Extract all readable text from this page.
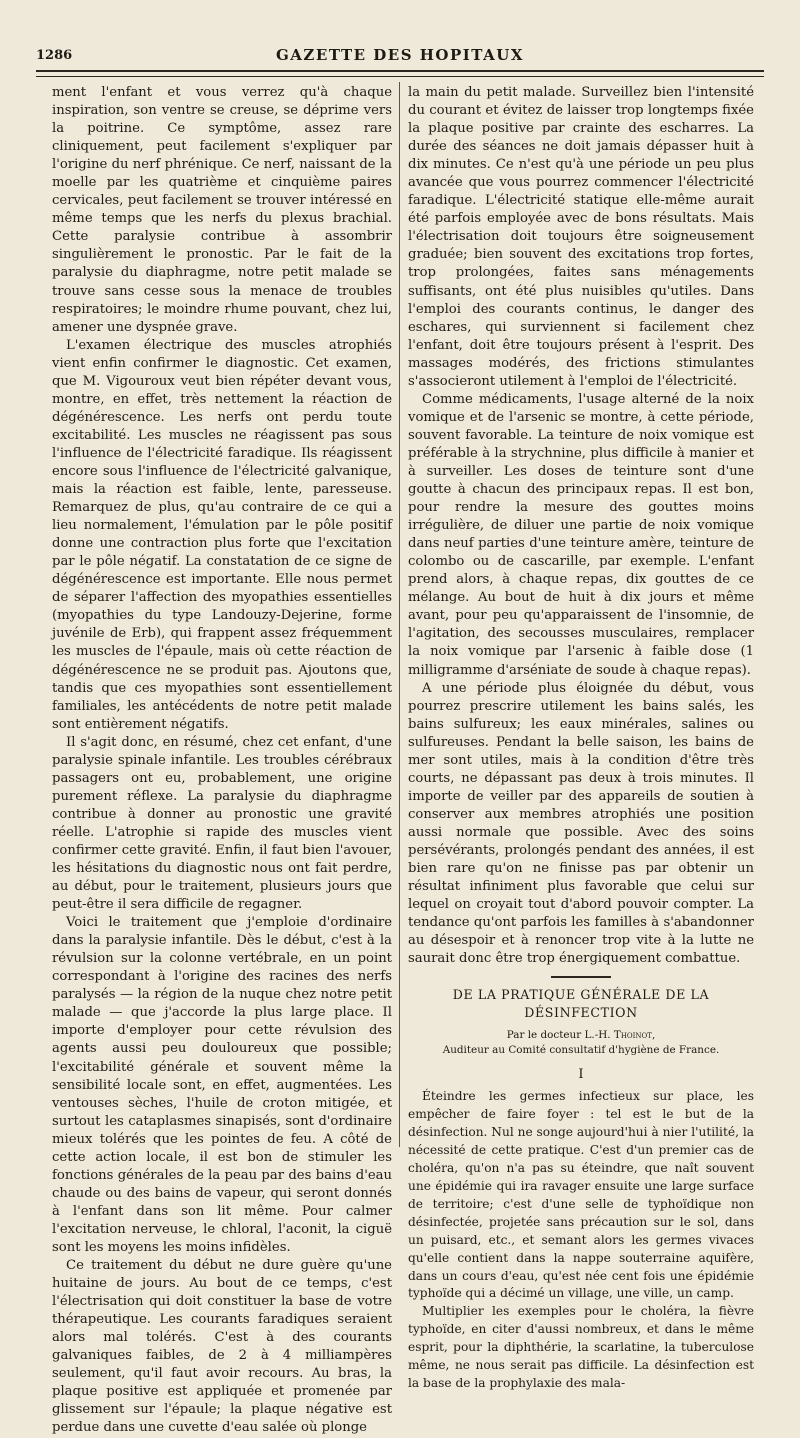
1286	GAZETTE DES HOPITAUX

ment l'enfant et vous verrez qu'à chaque inspiration, son ventre se creuse, se déprime vers la poitrine. Ce symptôme, assez rare cliniquement, peut facilement s'expliquer par l'origine du nerf phrénique. Ce nerf, naissant de la moelle par les quatrième et cinquième paires cervicales, peut facilement se trouver intéressé en même temps que les nerfs du plexus brachial. Cette paralysie contribue à assombrir singulièrement le pronostic. Par le fait de la paralysie du diaphragme, notre petit malade se trouve sans cesse sous la menace de troubles respiratoires; le moindre rhume pouvant, chez lui, amener une dyspnée grave.

L'examen électrique des muscles atrophiés vient enfin confirmer le diagnostic. Cet examen, que M. Vigouroux veut bien répéter devant vous, montre, en effet, très nettement la réaction de dégénérescence. Les nerfs ont perdu toute excitabilité. Les muscles ne réagissent pas sous l'influence de l'électricité faradique. Ils réagissent encore sous l'influence de l'électricité galvanique, mais la réaction est faible, lente, paresseuse. Remarquez de plus, qu'au contraire de ce qui a lieu normalement, l'émulation par le pôle positif donne une contraction plus forte que l'excitation par le pôle négatif. La constatation de ce signe de dégénérescence est importante. Elle nous permet de séparer l'affection des myopathies essentielles (myopathies du type Landouzy-Dejerine, forme juvénile de Erb), qui frappent assez fréquemment les muscles de l'épaule, mais où cette réaction de dégénérescence ne se produit pas. Ajoutons que, tandis que ces myopathies sont essentiellement familiales, les antécédents de notre petit malade sont entièrement négatifs.

Il s'agit donc, en résumé, chez cet enfant, d'une paralysie spinale infantile. Les troubles cérébraux passagers ont eu, probablement, une origine purement réflexe. La paralysie du diaphragme contribue à donner au pronostic une gravité réelle. L'atrophie si rapide des muscles vient confirmer cette gravité. Enfin, il faut bien l'avouer, les hésitations du diagnostic nous ont fait perdre, au début, pour le traitement, plusieurs jours que peut-être il sera difficile de regagner.

Voici le traitement que j'emploie d'ordinaire dans la paralysie infantile. Dès le début, c'est à la révulsion sur la colonne vertébrale, en un point correspondant à l'origine des racines des nerfs paralysés — la région de la nuque chez notre petit malade — que j'accorde la plus large place. Il importe d'employer pour cette révulsion des agents aussi peu douloureux que possible; l'excitabilité générale et souvent même la sensibilité locale sont, en effet, augmentées. Les ventouses sèches, l'huile de croton mitigée, et surtout les cataplasmes sinapisés, sont d'ordinaire mieux tolérés que les pointes de feu. A côté de cette action locale, il est bon de stimuler les fonctions générales de la peau par des bains d'eau chaude ou des bains de vapeur, qui seront donnés à l'enfant dans son lit même. Pour calmer l'excitation nerveuse, le chloral, l'aconit, la ciguë sont les moyens les moins infidèles.

Ce traitement du début ne dure guère qu'une huitaine de jours. Au bout de ce temps, c'est l'électrisation qui doit constituer la base de votre thérapeutique. Les courants faradiques seraient alors mal tolérés. C'est à des courants galvaniques faibles, de 2 à 4 milliampères seulement, qu'il faut avoir recours. Au bras, la plaque positive est appliquée et promenée par glissement sur l'épaule; la plaque négative est perdue dans une cuvette d'eau salée où plonge

la main du petit malade. Surveillez bien l'intensité du courant et évitez de laisser trop longtemps fixée la plaque positive par crainte des escharres. La durée des séances ne doit jamais dépasser huit à dix minutes. Ce n'est qu'à une période un peu plus avancée que vous pourrez commencer l'électricité faradique. L'électricité statique elle-même aurait été parfois employée avec de bons résultats. Mais l'électrisation doit toujours être soigneusement graduée; bien souvent des excitations trop fortes, trop prolongées, faites sans ménagements suffisants, ont été plus nuisibles qu'utiles. Dans l'emploi des courants continus, le danger des eschares, qui surviennent si facilement chez l'enfant, doit être toujours présent à l'esprit. Des massages modérés, des frictions stimulantes s'associeront utilement à l'emploi de l'électricité.

Comme médicaments, l'usage alterné de la noix vomique et de l'arsenic se montre, à cette période, souvent favorable. La teinture de noix vomique est préférable à la strychnine, plus difficile à manier et à surveiller. Les doses de teinture sont d'une goutte à chacun des principaux repas. Il est bon, pour rendre la mesure des gouttes moins irrégulière, de diluer une partie de noix vomique dans neuf parties d'une teinture amère, teinture de colombo ou de cascarille, par exemple. L'enfant prend alors, à chaque repas, dix gouttes de ce mélange. Au bout de huit à dix jours et même avant, pour peu qu'apparaissent de l'insomnie, de l'agitation, des secousses musculaires, remplacer la noix vomique par l'arsenic à faible dose (1 milligramme d'arséniate de soude à chaque repas).

A une période plus éloignée du début, vous pourrez prescrire utilement les bains salés, les bains sulfureux; les eaux minérales, salines ou sulfureuses. Pendant la belle saison, les bains de mer sont utiles, mais à la condition d'être très courts, ne dépassant pas deux à trois minutes. Il importe de veiller par des appareils de soutien à conserver aux membres atrophiés une position aussi normale que possible. Avec des soins persévérants, prolongés pendant des années, il est bien rare qu'on ne finisse pas par obtenir un résultat infiniment plus favorable que celui sur lequel on croyait tout d'abord pouvoir compter. La tendance qu'ont parfois les familles à s'abandonner au désespoir et à renoncer trop vite à la lutte ne saurait donc être trop énergiquement combattue.

DE LA PRATIQUE GÉNÉRALE DE LA DÉSINFECTION
Par le docteur L.-H. Thoinot,
Auditeur au Comité consultatif d'hygiène de France.
I

Éteindre les germes infectieux sur place, les empêcher de faire foyer : tel est le but de la désinfection. Nul ne songe aujourd'hui à nier l'utilité, la nécessité de cette pratique. C'est d'un premier cas de choléra, qu'on n'a pas su éteindre, que naît souvent une épidémie qui ira ravager ensuite une large surface de territoire; c'est d'une selle de typhoïdique non désinfectée, projetée sans précaution sur le sol, dans un puisard, etc., et semant alors les germes vivaces qu'elle contient dans la nappe souterraine aquifère, dans un cours d'eau, qu'est née cent fois une épidémie typhoïde qui a décimé un village, une ville, un camp.

Multiplier les exemples pour le choléra, la fièvre typhoïde, en citer d'aussi nombreux, et dans le même esprit, pour la diphthérie, la scarlatine, la tuberculose même, ne nous serait pas difficile. La désinfection est la base de la prophylaxie des mala-
